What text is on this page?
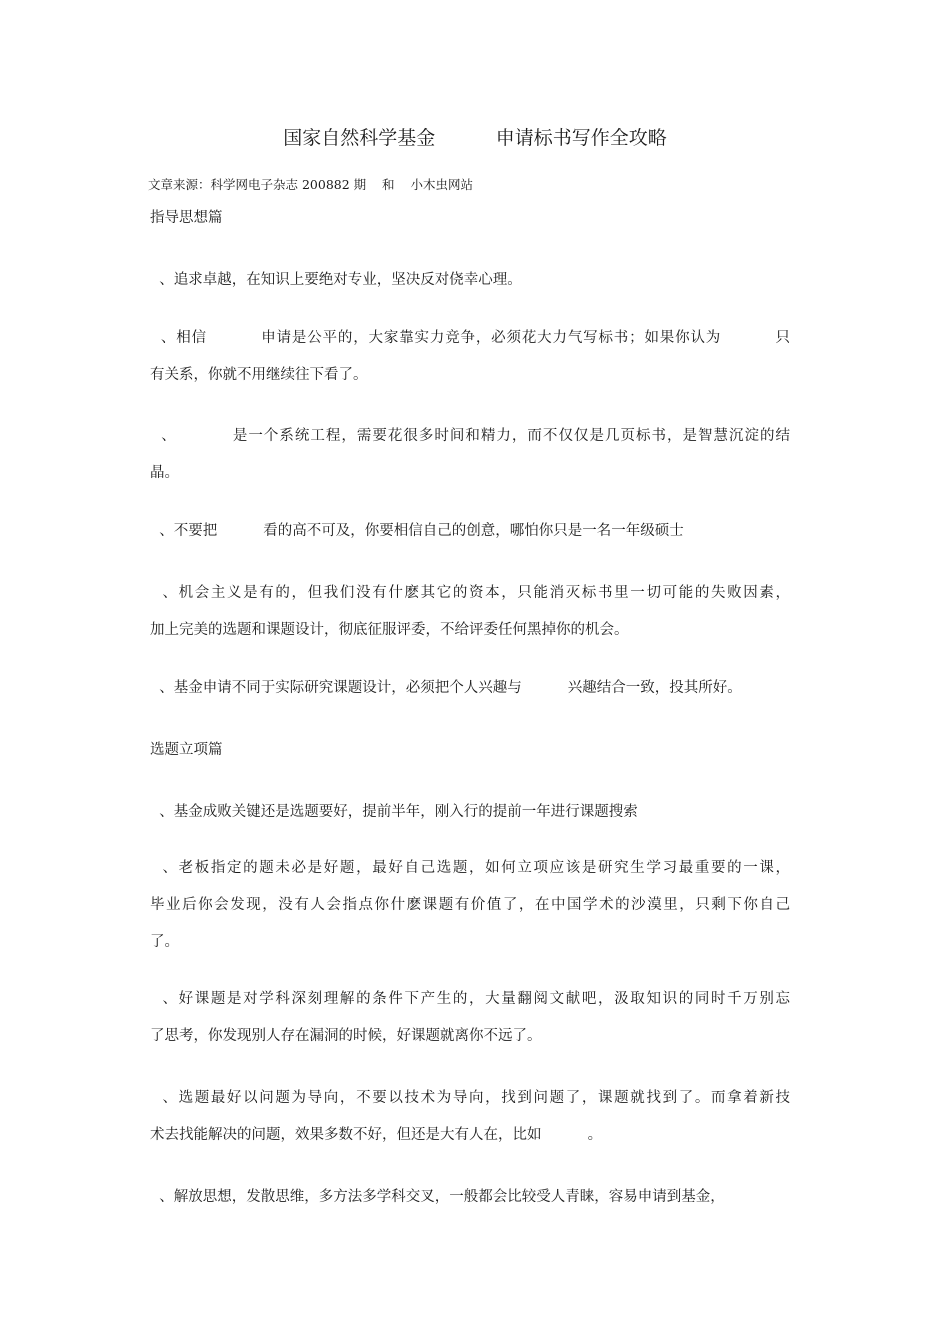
国家自然科学基金          申请标书写作全攻略
文章来源：科学网电子杂志 200882 期    和    小木虫网站
指导思想篇
、追求卓越，在知识上要绝对专业，坚决反对侥幸心理。
、相信          申请是公平的，大家靠实力竞争，必须花大力气写标书；如果你认为          只
有关系，你就不用继续往下看了。
、          是一个系统工程，需要花很多时间和精力，而不仅仅是几页标书，是智慧沉淀的结
晶。
、不要把          看的高不可及，你要相信自己的创意，哪怕你只是一名一年级硕士
、机会主义是有的，但我们没有什麽其它的资本，只能消灭标书里一切可能的失败因素，
加上完美的选题和课题设计，彻底征服评委，不给评委任何黑掉你的机会。
、基金申请不同于实际研究课题设计，必须把个人兴趣与          兴趣结合一致，投其所好。
选题立项篇
、基金成败关键还是选题要好，提前半年，刚入行的提前一年进行课题搜索
、老板指定的题未必是好题，最好自己选题，如何立项应该是研究生学习最重要的一课，
毕业后你会发现，没有人会指点你什麽课题有价值了，在中国学术的沙漠里，只剩下你自己
了。
、好课题是对学科深刻理解的条件下产生的，大量翻阅文献吧，汲取知识的同时千万别忘
了思考，你发现别人存在漏洞的时候，好课题就离你不远了。
、选题最好以问题为导向，不要以技术为导向，找到问题了，课题就找到了。而拿着新技
术去找能解决的问题，效果多数不好，但还是大有人在，比如          。
、解放思想，发散思维，多方法多学科交叉，一般都会比较受人青睐，容易申请到基金，
